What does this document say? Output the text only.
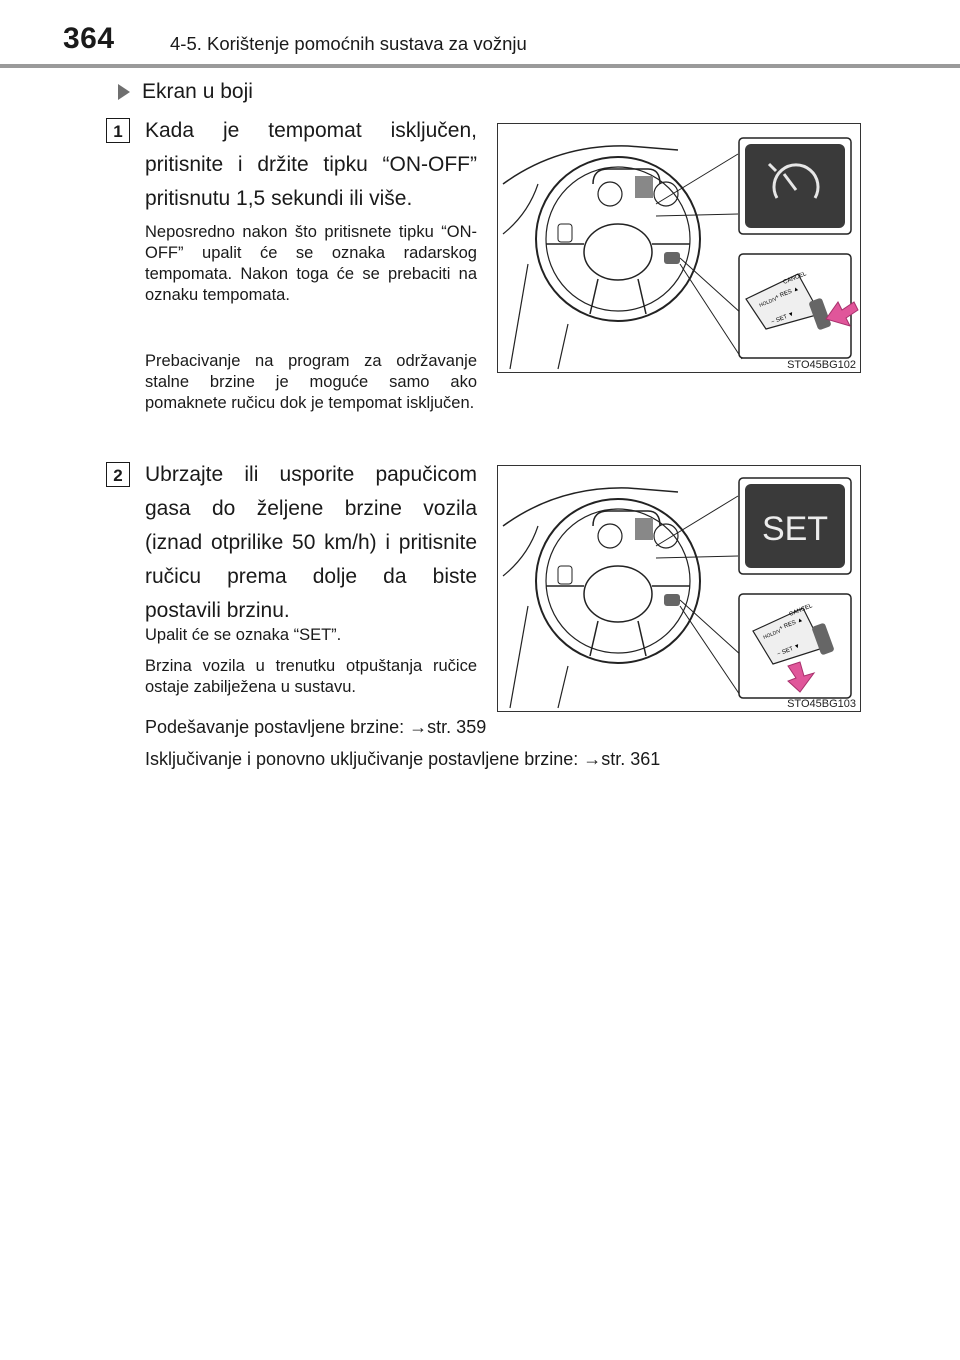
364	4-5. Korištenje pomoćnih sustava za vožnju
Ekran u boji
1	Kada je tempomat isključen, pritisnite i držite tipku “ON-OFF” pritisnutu 1,5 sekundi ili više.

Neposredno nakon što pritisnete tipku “ON-OFF” upalit će se oznaka radarskog tempomata. Nakon toga će se prebaciti na oznaku tempomata.

Prebacivanje na program za održavanje stalne brzine je moguće samo ako pomaknete ručicu dok je tempomat isključen.

CANCEL
+ RES ▲
HOLD/V
− SET ▼
STO45BG102
2	Ubrzajte ili usporite papučicom gasa do željene brzine vozila (iznad otprilike 50 km/h) i pritisnite ručicu prema dolje da biste postavili brzinu.

Upalit će se oznaka “SET”.

Brzina vozila u trenutku otpuštanja ručice ostaje zabilježena u sustavu.

SET
CANCEL
+ RES ▲
HOLD/V
− SET ▼
STO45BG103

Podešavanje postavljene brzine: →str. 359

Isključivanje i ponovno uključivanje postavljene brzine: →str. 361
